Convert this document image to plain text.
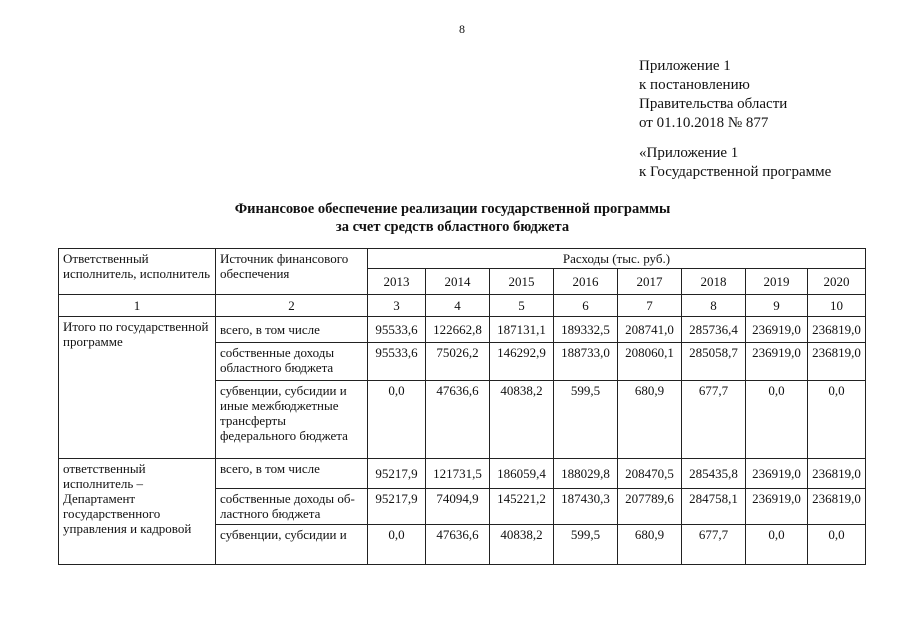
8
Приложение 1
к постановлению
Правительства области
от 01.10.2018 № 877
«Приложение 1
к Государственной программе
Финансовое обеспечение реализации государственной программы
за счет средств областного бюджета
Ответственный исполнитель, исполнитель	Источник финансового обеспечения	Расходы (тыс. руб.)							
		2013	2014	2015	2016	2017	2018	2019	2020
1	2	3	4	5	6	7	8	9	10
Итого по государственной программе	всего, в том числе	95533,6	122662,8	187131,1	189332,5	208741,0	285736,4	236919,0	236819,0
	собственные доходы областного бюджета	95533,6	75026,2	146292,9	188733,0	208060,1	285058,7	236919,0	236819,0
	субвенции, субсидии и иные межбюджетные трансферты федерального бюджета	0,0	47636,6	40838,2	599,5	680,9	677,7	0,0	0,0
ответственный исполнитель – Департамент государственного управления и кадровой	всего, в том числе	95217,9	121731,5	186059,4	188029,8	208470,5	285435,8	236919,0	236819,0
	собственные доходы об-ластного бюджета	95217,9	74094,9	145221,2	187430,3	207789,6	284758,1	236919,0	236819,0
	субвенции, субсидии и	0,0	47636,6	40838,2	599,5	680,9	677,7	0,0	0,0
